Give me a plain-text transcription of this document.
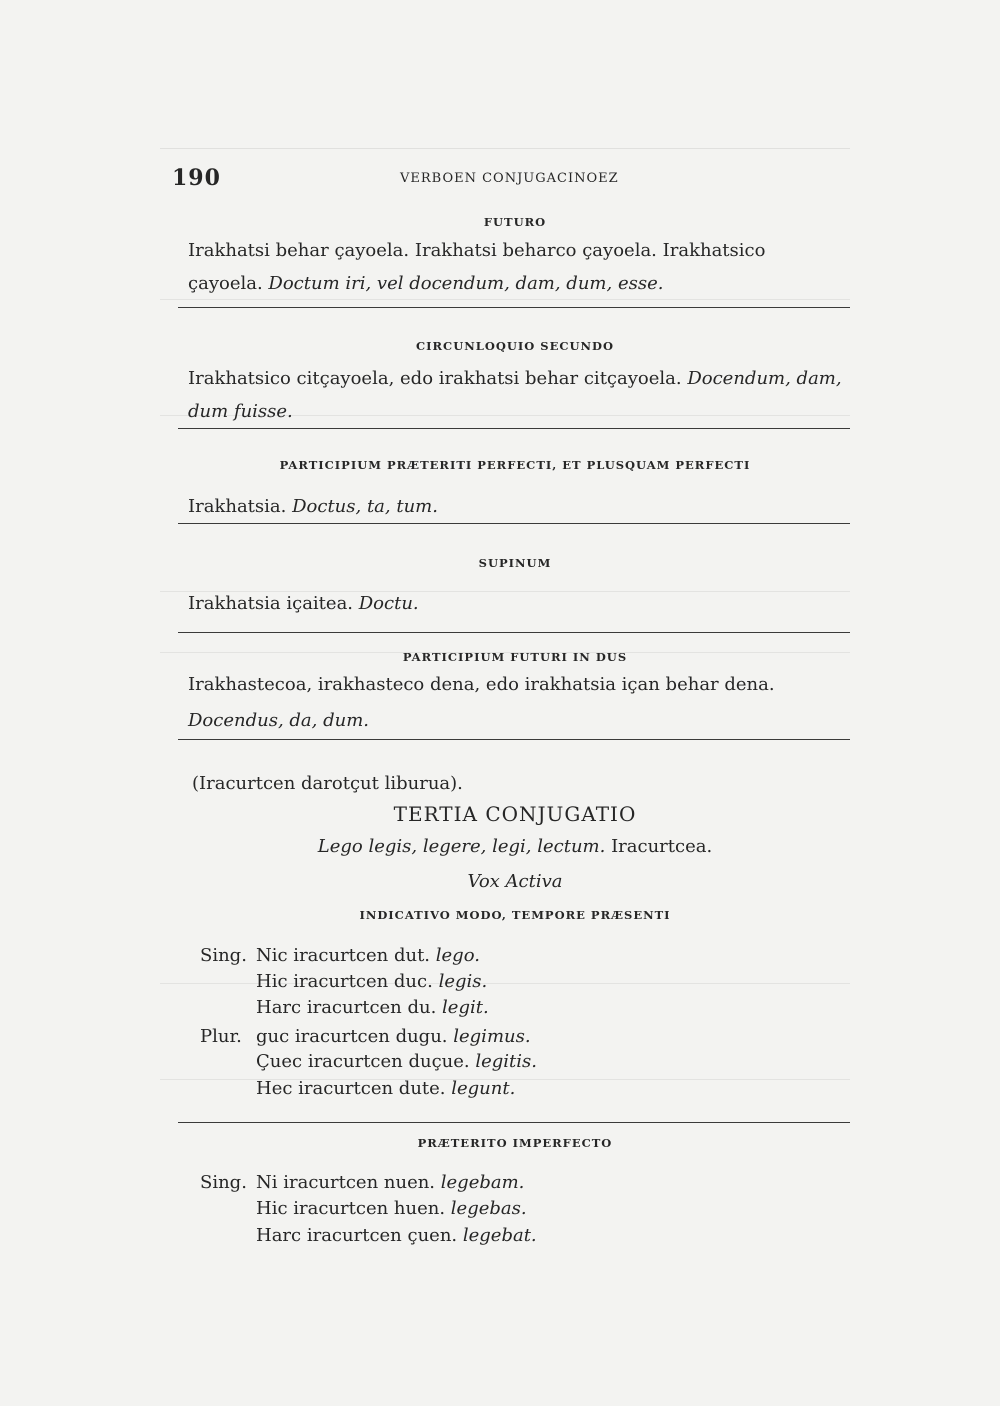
190	VERBOEN CONJUGACINOEZ
FUTURO
Irakhatsi behar çayoela. Irakhatsi beharco çayoela. Irakhatsico
çayoela. Doctum iri, vel docendum, dam, dum, esse.
CIRCUNLOQUIO SECUNDO
Irakhatsico citçayoela, edo irakhatsi behar citçayoela. Docendum, dam,
dum fuisse.
PARTICIPIUM PRÆTERITI PERFECTI, ET PLUSQUAM PERFECTI
Irakhatsia. Doctus, ta, tum.
SUPINUM
Irakhatsia içaitea. Doctu.
PARTICIPIUM FUTURI IN DUS
Irakhastecoa, irakhasteco dena, edo irakhatsia içan behar dena.
Docendus, da, dum.
(Iracurtcen darotçut liburua).
TERTIA CONJUGATIO
Lego legis, legere, legi, lectum. Iracurtcea.
Vox Activa
INDICATIVO MODO, TEMPORE PRÆSENTI
Sing. Nic iracurtcen dut. lego.
Hic iracurtcen duc. legis.
Harc iracurtcen du. legit.
Plur. guc iracurtcen dugu. legimus.
Çuec iracurtcen duçue. legitis.
Hec iracurtcen dute. legunt.
PRÆTERITO IMPERFECTO
Sing. Ni iracurtcen nuen. legebam.
Hic iracurtcen huen. legebas.
Harc iracurtcen çuen. legebat.
